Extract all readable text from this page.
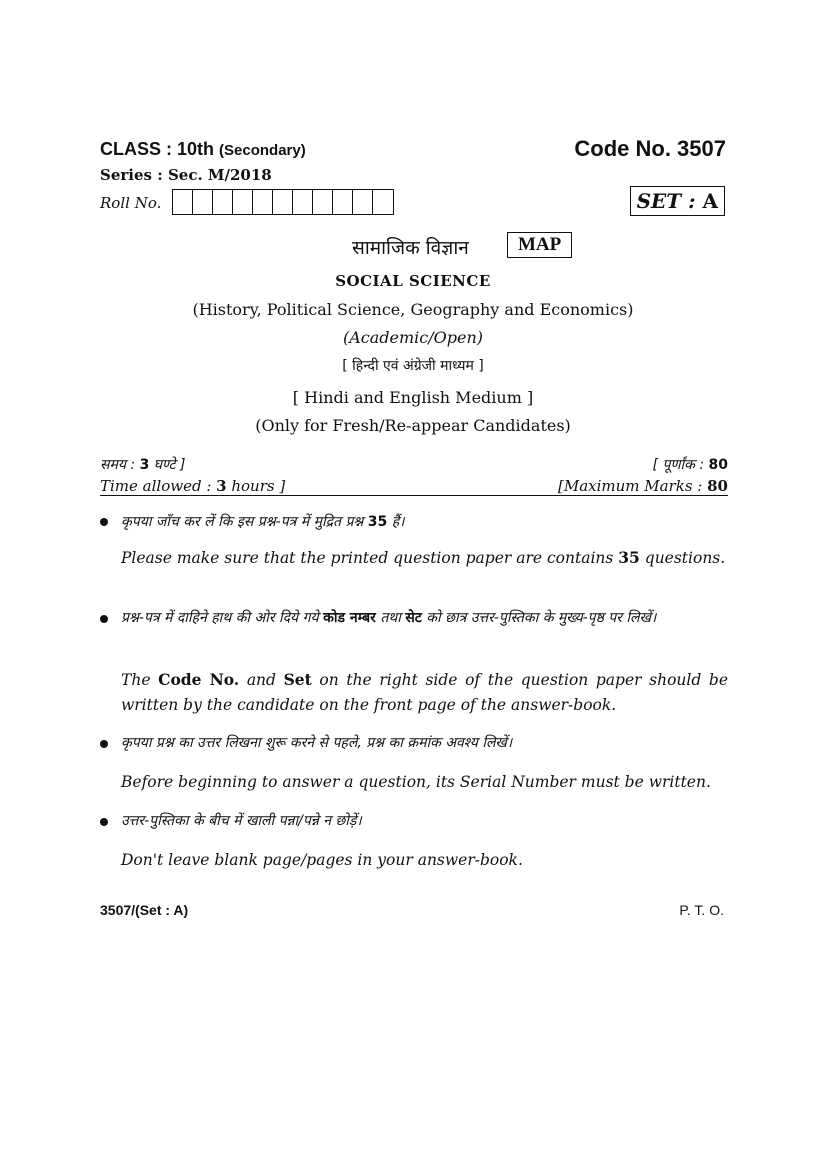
CLASS : 10th (Secondary)	Code No. 3507
Series : Sec. M/2018
Roll No.	SET : A
सामाजिक विज्ञान	MAP
SOCIAL SCIENCE
(History, Political Science, Geography and Economics)
(Academic/Open)
[ हिन्दी एवं अंग्रेजी माध्यम ]
[ Hindi and English Medium ]
(Only for Fresh/Re-appear Candidates)
समय : 3 घण्टे ]	[ पूर्णांक : 80
Time allowed : 3 hours ]	[Maximum Marks : 80
कृपया जाँच कर लें कि इस प्रश्न-पत्र में मुद्रित प्रश्न 35 हैं।
Please make sure that the printed question paper are contains 35 questions.
प्रश्न-पत्र में दाहिने हाथ की ओर दिये गये कोड नम्बर तथा सेट को छात्र उत्तर-पुस्तिका के मुख्य-पृष्ठ पर लिखें।
The Code No. and Set on the right side of the question paper should be written by the candidate on the front page of the answer-book.
कृपया प्रश्न का उत्तर लिखना शुरू करने से पहले, प्रश्न का क्रमांक अवश्य लिखें।
Before beginning to answer a question, its Serial Number must be written.
उत्तर-पुस्तिका के बीच में खाली पन्ना/पन्ने न छोड़ें।
Don't leave blank page/pages in your answer-book.
3507/(Set : A)	P. T. O.
